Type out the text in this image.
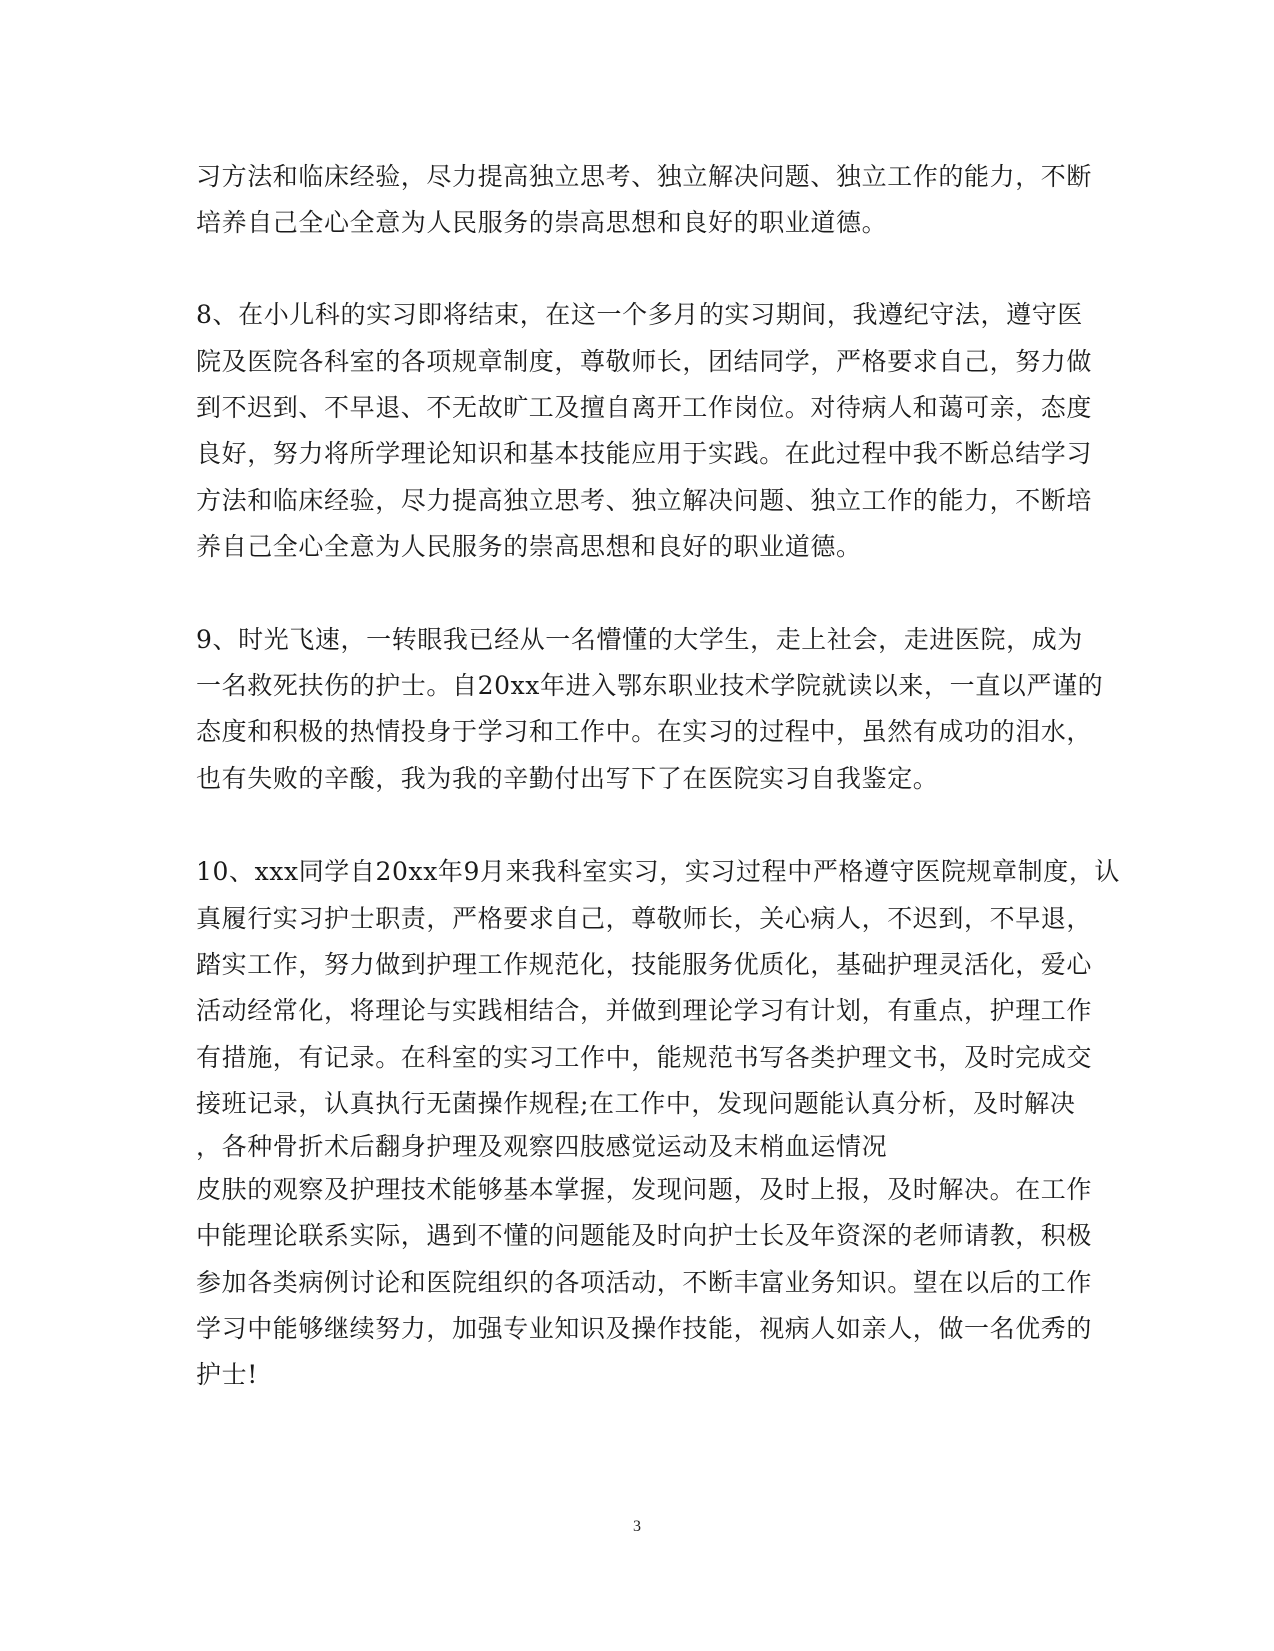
习方法和临床经验，尽力提高独立思考、独立解决问题、独立工作的能力，不断
培养自己全心全意为人民服务的崇高思想和良好的职业道德。
8、在小儿科的实习即将结束，在这一个多月的实习期间，我遵纪守法，遵守医
院及医院各科室的各项规章制度，尊敬师长，团结同学，严格要求自己，努力做
到不迟到、不早退、不无故旷工及擅自离开工作岗位。对待病人和蔼可亲，态度
良好，努力将所学理论知识和基本技能应用于实践。在此过程中我不断总结学习
方法和临床经验，尽力提高独立思考、独立解决问题、独立工作的能力，不断培
养自己全心全意为人民服务的崇高思想和良好的职业道德。
9、时光飞速，一转眼我已经从一名懵懂的大学生，走上社会，走进医院，成为
一名救死扶伤的护士。自20xx年进入鄂东职业技术学院就读以来，一直以严谨的
态度和积极的热情投身于学习和工作中。在实习的过程中，虽然有成功的泪水，
也有失败的辛酸，我为我的辛勤付出写下了在医院实习自我鉴定。
10、xxx同学自20xx年9月来我科室实习，实习过程中严格遵守医院规章制度，认
真履行实习护士职责，严格要求自己，尊敬师长，关心病人，不迟到，不早退，
踏实工作，努力做到护理工作规范化，技能服务优质化，基础护理灵活化，爱心
活动经常化，将理论与实践相结合，并做到理论学习有计划，有重点，护理工作
有措施，有记录。在科室的实习工作中，能规范书写各类护理文书，及时完成交
接班记录，认真执行无菌操作规程;在工作中，发现问题能认真分析，及时解决
，各种骨折术后翻身护理及观察四肢感觉运动及末梢血运情况
皮肤的观察及护理技术能够基本掌握，发现问题，及时上报，及时解决。在工作
中能理论联系实际，遇到不懂的问题能及时向护士长及年资深的老师请教，积极
参加各类病例讨论和医院组织的各项活动，不断丰富业务知识。望在以后的工作
学习中能够继续努力，加强专业知识及操作技能，视病人如亲人，做一名优秀的
护士!
3
